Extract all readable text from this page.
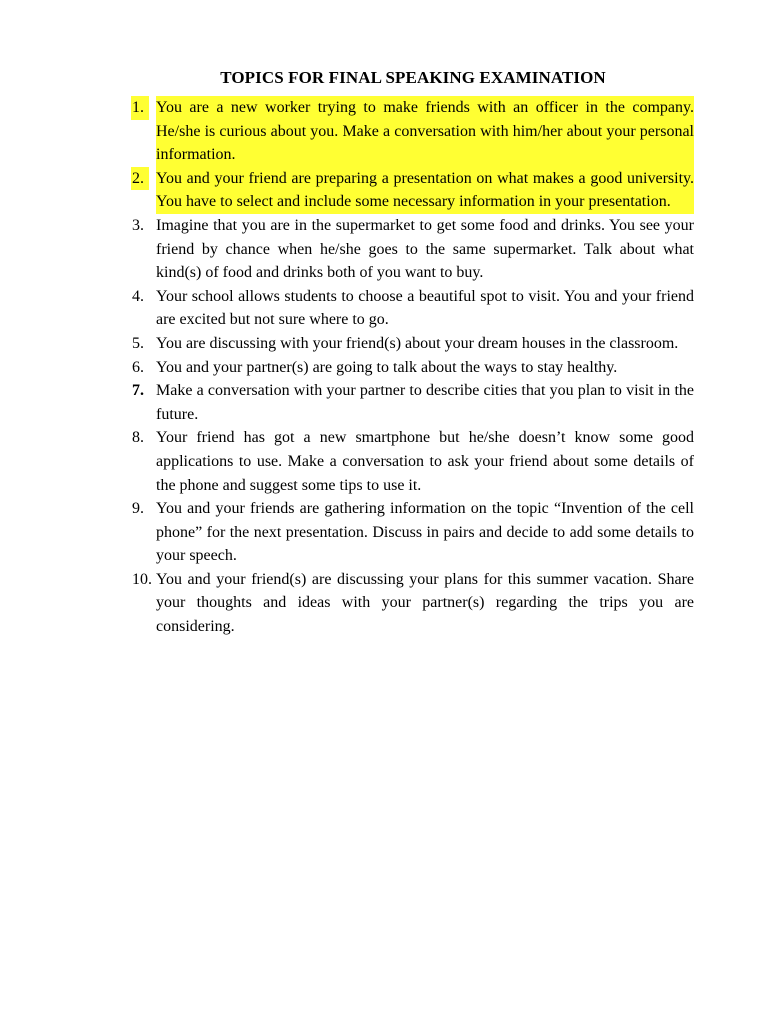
TOPICS FOR FINAL SPEAKING EXAMINATION
1. You are a new worker trying to make friends with an officer in the company. He/she is curious about you. Make a conversation with him/her about your personal information.
2. You and your friend are preparing a presentation on what makes a good university. You have to select and include some necessary information in your presentation.
3. Imagine that you are in the supermarket to get some food and drinks. You see your friend by chance when he/she goes to the same supermarket. Talk about what kind(s) of food and drinks both of you want to buy.
4. Your school allows students to choose a beautiful spot to visit. You and your friend are excited but not sure where to go.
5. You are discussing with your friend(s) about your dream houses in the classroom.
6. You and your partner(s) are going to talk about the ways to stay healthy.
7. Make a conversation with your partner to describe cities that you plan to visit in the future.
8. Your friend has got a new smartphone but he/she doesn’t know some good applications to use. Make a conversation to ask your friend about some details of the phone and suggest some tips to use it.
9. You and your friends are gathering information on the topic “Invention of the cell phone” for the next presentation. Discuss in pairs and decide to add some details to your speech.
10. You and your friend(s) are discussing your plans for this summer vacation. Share your thoughts and ideas with your partner(s) regarding the trips you are considering.
